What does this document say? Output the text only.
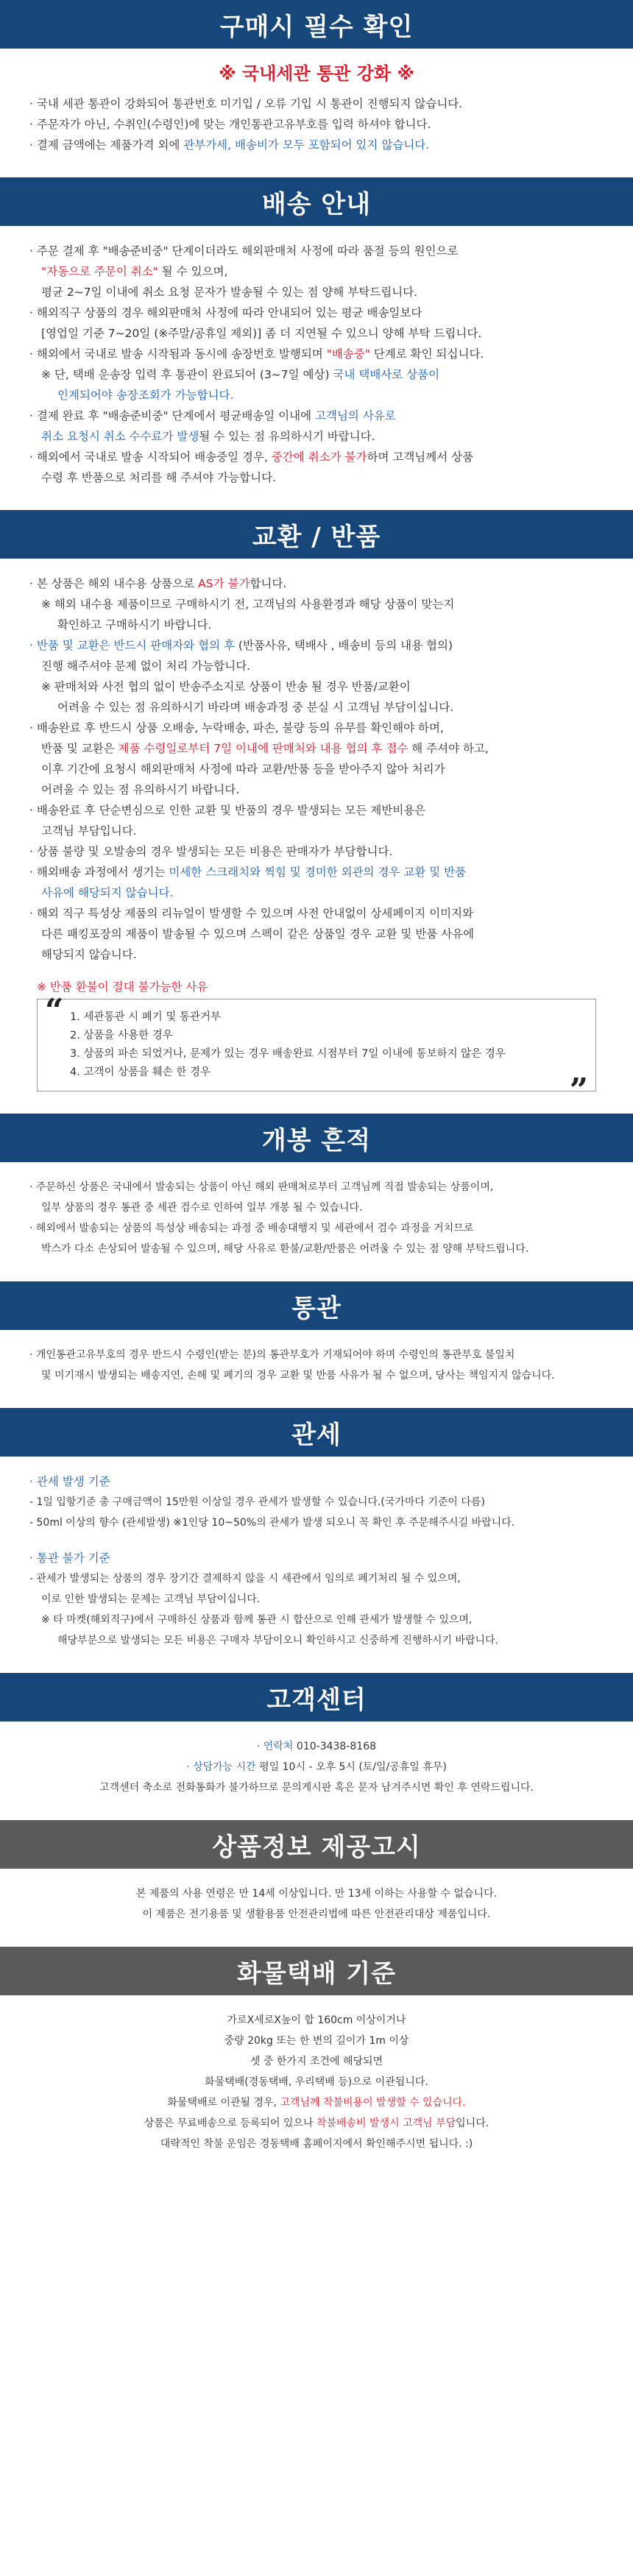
구매시 필수 확인
※ 국내세관 통관 강화 ※
· 국내 세관 통관이 강화되어 통관번호 미기입 / 오류 기입 시 통관이 진행되지 않습니다.
· 주문자가 아닌, 수취인(수령인)에 맞는 개인통관고유부호를 입력 하셔야 합니다.
· 결제 금액에는 제품가격 외에 관부가세, 배송비가 모두 포함되어 있지 않습니다.
배송 안내
· 주문 결제 후 "배송준비중" 단계이더라도 해외판매처 사정에 따라 품절 등의 원인으로
"자동으로 주문이 취소" 될 수 있으며,
평균 2~7일 이내에 취소 요청 문자가 발송될 수 있는 점 양해 부탁드립니다.
· 해외직구 상품의 경우 해외판매처 사정에 따라 안내되어 있는 평균 배송일보다
[영업일 기준 7~20일 (※주말/공휴일 제외)] 좀 더 지연될 수 있으니 양해 부탁 드립니다.
· 해외에서 국내로 발송 시작됨과 동시에 송장번호 발행되며 "배송중" 단계로 확인 되십니다.
※ 단, 택배 운송장 입력 후 통관이 완료되어 (3~7일 예상) 국내 택배사로 상품이
인계되어야 송장조회가 가능합니다.
· 결제 완료 후 "배송준비중" 단계에서 평균배송일 이내에 고객님의 사유로
취소 요청시 취소 수수료가 발생될 수 있는 점 유의하시기 바랍니다.
· 해외에서 국내로 발송 시작되어 배송중일 경우, 중간에 취소가 불가하며 고객님께서 상품
수령 후 반품으로 처리를 해 주셔야 가능합니다.
교환 / 반품
· 본 상품은 해외 내수용 상품으로 AS가 불가합니다.
※ 해외 내수용 제품이므로 구매하시기 전, 고객님의 사용환경과 해당 상품이 맞는지
확인하고 구매하시기 바랍니다.
· 반품 및 교환은 반드시 판매자와 협의 후 (반품사유, 택배사 , 배송비 등의 내용 협의)
진행 해주셔야 문제 없이 처리 가능합니다.
※ 판매처와 사전 협의 없이 반송주소지로 상품이 반송 될 경우 반품/교환이
어려울 수 있는 점 유의하시기 바라며 배송과정 중 분실 시 고객님 부담이십니다.
· 배송완료 후 반드시 상품 오배송, 누락배송, 파손, 불량 등의 유무를 확인해야 하며,
반품 및 교환은 제품 수령일로부터 7일 이내에 판매처와 내용 협의 후 접수 해 주셔야 하고,
이후 기간에 요청시 해외판매처 사정에 따라 교환/반품 등을 받아주지 않아 처리가
어려울 수 있는 점 유의하시기 바랍니다.
· 배송완료 후 단순변심으로 인한 교환 및 반품의 경우 발생되는 모든 제반비용은
고객님 부담입니다.
· 상품 불량 및 오발송의 경우 발생되는 모든 비용은 판매자가 부담합니다.
· 해외배송 과정에서 생기는 미세한 스크래치와 찍힘 및 경미한 외관의 경우 교환 및 반품
사유에 해당되지 않습니다.
· 해외 직구 특성상 제품의 리뉴얼이 발생할 수 있으며 사전 안내없이 상세페이지 이미지와
다른 패킹포장의 제품이 발송될 수 있으며 스펙이 같은 상품일 경우 교환 및 반품 사유에
해당되지 않습니다.
※ 반품 환불이 절대 불가능한 사유
“ 1. 세관통관 시 폐기 및 통관거부
2. 상품을 사용한 경우
3. 상품의 파손 되었거나, 문제가 있는 경우 배송완료 시점부터 7일 이내에 통보하지 않은 경우
4. 고객이 상품을 훼손 한 경우	”
개봉 흔적
· 주문하신 상품은 국내에서 발송되는 상품이 아닌 해외 판매처로부터 고객님께 직접 발송되는 상품이며,
일부 상품의 경우 통관 중 세관 검수로 인하여 일부 개봉 될 수 있습니다.
· 해외에서 발송되는 상품의 특성상 배송되는 과정 중 배송대행지 및 세관에서 검수 과정을 거치므로
박스가 다소 손상되어 발송될 수 있으며, 해당 사유로 환불/교환/반품은 어려울 수 있는 점 양해 부탁드립니다.
통관
· 개인통관고유부호의 경우 반드시 수령인(받는 분)의 통관부호가 기재되어야 하며 수령인의 통관부호 불일치
및 미기재시 발생되는 배송지연, 손해 및 폐기의 경우 교환 및 반품 사유가 될 수 없으며, 당사는 책임지지 않습니다.
관세
· 관세 발생 기준
- 1일 입항기준 총 구매금액이 15만원 이상일 경우 관세가 발생할 수 있습니다.(국가마다 기준이 다름)
- 50ml 이상의 향수 (관세발생) ※1인당 10~50%의 관세가 발생 되오니 꼭 확인 후 주문해주시길 바랍니다.
· 통관 불가 기준
- 관세가 발생되는 상품의 경우 장기간 결제하지 않을 시 세관에서 임의로 폐기처리 될 수 있으며,
이로 인한 발생되는 문제는 고객님 부담이십니다.
※ 타 마켓(해외직구)에서 구매하신 상품과 함께 통관 시 합산으로 인해 관세가 발생할 수 있으며,
해당부분으로 발생되는 모든 비용은 구매자 부담이오니 확인하시고 신중하게 진행하시기 바랍니다.
고객센터
· 연락처 010-3438-8168
· 상담가능 시간 평일 10시 - 오후 5시 (토/일/공휴일 휴무)
고객센터 축소로 전화통화가 불가하므로 문의게시판 혹은 문자 남겨주시면 확인 후 연락드립니다.
상품정보 제공고시
본 제품의 사용 연령은 만 14세 이상입니다. 만 13세 이하는 사용할 수 없습니다.
이 제품은 전기용품 및 생활용품 안전관리법에 따른 안전관리대상 제품입니다.
화물택배 기준
가로X세로X높이 합 160cm 이상이거나
중량 20kg 또는 한 변의 길이가 1m 이상
셋 중 한가지 조건에 해당되면
화물택배(경동택배, 우리택배 등)으로 이관됩니다.
화물택배로 이관될 경우, 고객님께 착불비용이 발생할 수 있습니다.
상품은 무료배송으로 등록되어 있으나 착불배송비 발생시 고객님 부담입니다.
대략적인 착불 운임은 경동택배 홈페이지에서 확인해주시면 됩니다. :)
